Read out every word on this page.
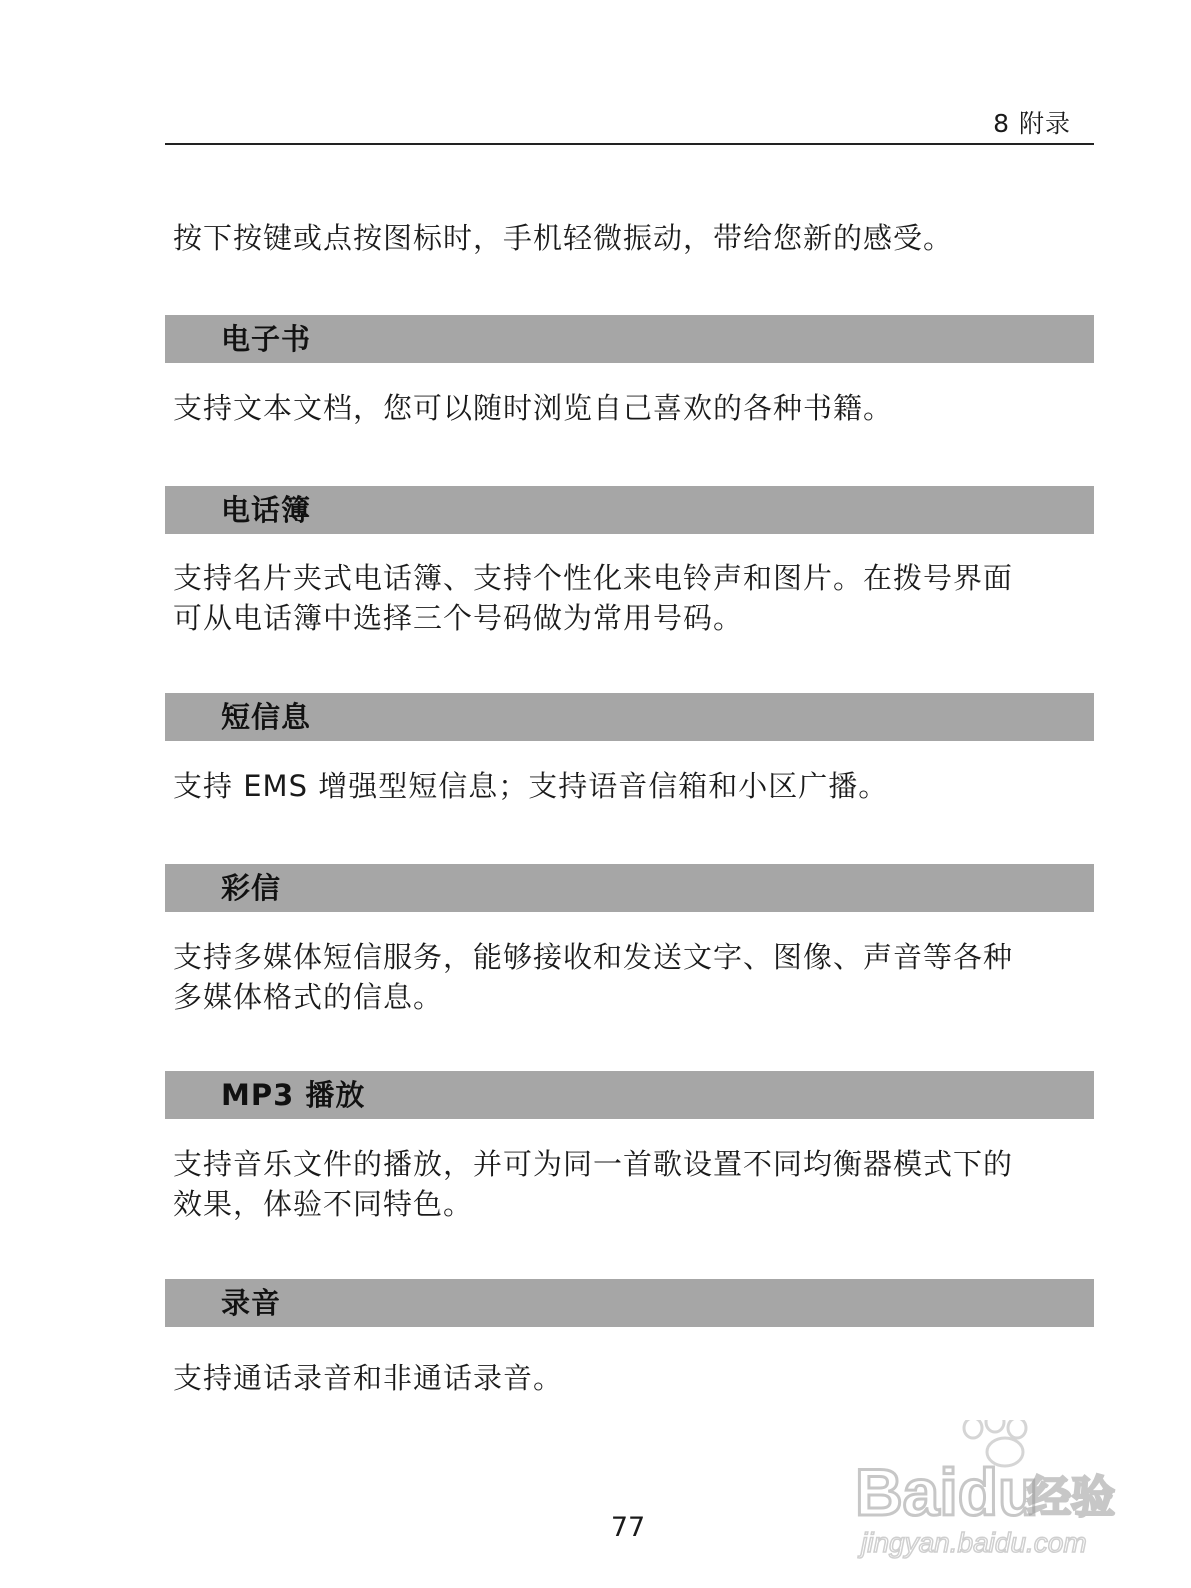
8 附录

按下按键或点按图标时，手机轻微振动，带给您新的感受。

电子书

支持文本文档，您可以随时浏览自己喜欢的各种书籍。

电话簿

支持名片夹式电话簿、支持个性化来电铃声和图片。在拨号界面
可从电话簿中选择三个号码做为常用号码。

短信息

支持 EMS 增强型短信息；支持语音信箱和小区广播。

彩信

支持多媒体短信服务，能够接收和发送文字、图像、声音等各种
多媒体格式的信息。

MP3 播放

支持音乐文件的播放，并可为同一首歌设置不同均衡器模式下的
效果，体验不同特色。

录音

支持通话录音和非通话录音。

77	Baidu
经验
jingyan.baidu.com
